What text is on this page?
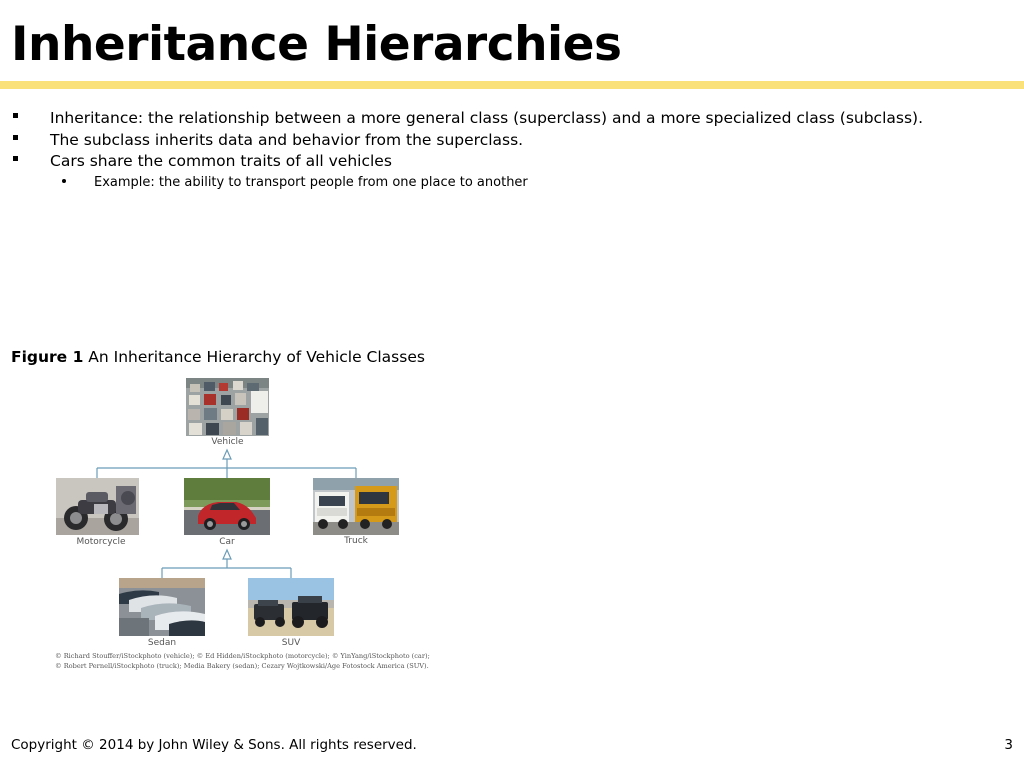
Inheritance Hierarchies
Inheritance: the relationship between a more general class (superclass) and a more specialized class (subclass).
The subclass inherits data and behavior from the superclass.
Cars share the common traits of all vehicles
Example: the ability to transport people from one place to another
Figure 1 An Inheritance Hierarchy of Vehicle Classes
Vehicle
Motorcycle	Car	Truck
Sedan	SUV
© Richard Stouffer/iStockphoto (vehicle); © Ed Hidden/iStockphoto (motorcycle); © YinYang/iStockphoto (car);
© Robert Pernell/iStockphoto (truck); Media Bakery (sedan); Cezary Wojtkowski/Age Fotostock America (SUV).
Copyright © 2014 by John Wiley & Sons. All rights reserved.	3
